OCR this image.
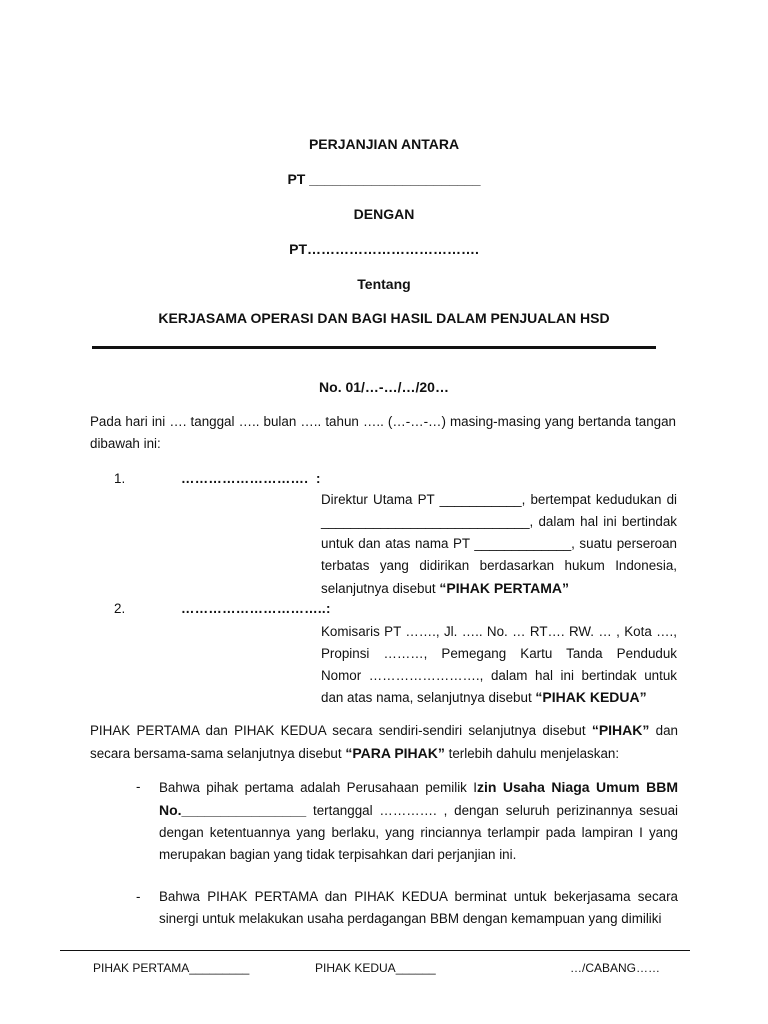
PERJANJIAN ANTARA
PT ______________________
DENGAN
PT……………………………….
Tentang
KERJASAMA OPERASI DAN BAGI HASIL DALAM PENJUALAN HSD
No. 01/…-…/…/20…
Pada hari ini …. tanggal ….. bulan ….. tahun ….. (…-…-…) masing-masing yang bertanda tangan dibawah ini:
1.	………………………. :
Direktur Utama PT ___________, bertempat kedudukan di
____________________________, dalam hal ini bertindak
untuk dan atas nama PT _____________, suatu perseroan
terbatas yang didirikan berdasarkan hukum Indonesia,
selanjutnya disebut “PIHAK PERTAMA”
2.	…………………………..:
Komisaris PT ……., Jl. ….. No. … RT…. RW. … , Kota ….,
Propinsi ………, Pemegang Kartu Tanda Penduduk
Nomor ……………………., dalam hal ini bertindak untuk
dan atas nama, selanjutnya disebut “PIHAK KEDUA”
PIHAK PERTAMA dan PIHAK KEDUA secara sendiri-sendiri selanjutnya disebut “PIHAK” dan secara bersama-sama selanjutnya disebut “PARA PIHAK” terlebih dahulu menjelaskan:
- Bahwa pihak pertama adalah Perusahaan pemilik Izin Usaha Niaga Umum BBM No.________________ tertanggal …………. , dengan seluruh perizinannya sesuai dengan ketentuannya yang berlaku, yang rinciannya terlampir pada lampiran I yang merupakan bagian yang tidak terpisahkan dari perjanjian ini.
- Bahwa PIHAK PERTAMA dan PIHAK KEDUA berminat untuk bekerjasama secara sinergi untuk melakukan usaha perdagangan BBM dengan kemampuan yang dimiliki
PIHAK PERTAMA_________	PIHAK KEDUA______	…/CABANG……
